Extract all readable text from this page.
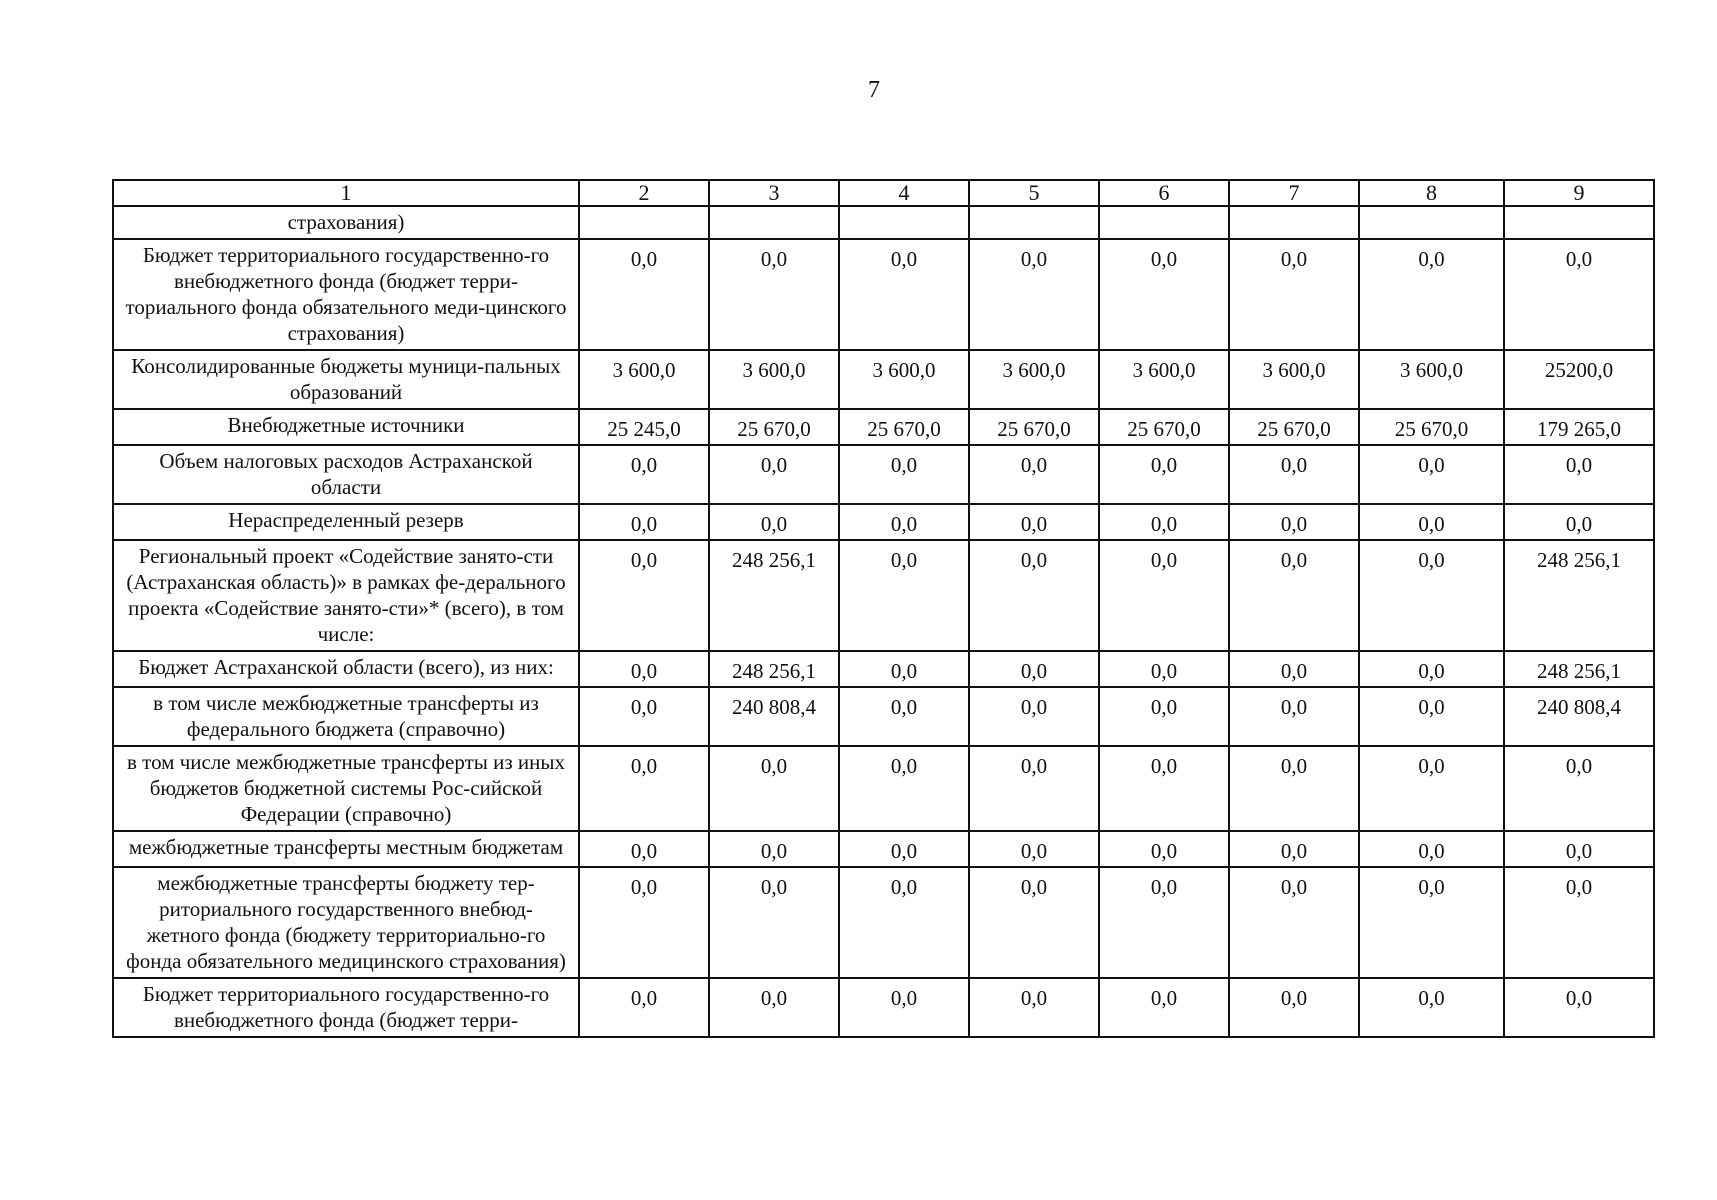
7
1	2	3	4	5	6	7	8	9
страхования)								
Бюджет территориального государственно-го внебюджетного фонда (бюджет терри-ториального фонда обязательного меди-цинского страхования)	0,0	0,0	0,0	0,0	0,0	0,0	0,0	0,0
Консолидированные бюджеты муници-пальных образований	3 600,0	3 600,0	3 600,0	3 600,0	3 600,0	3 600,0	3 600,0	25200,0
Внебюджетные источники	25 245,0	25 670,0	25 670,0	25 670,0	25 670,0	25 670,0	25 670,0	179 265,0
Объем налоговых расходов Астраханской области	0,0	0,0	0,0	0,0	0,0	0,0	0,0	0,0
Нераспределенный резерв	0,0	0,0	0,0	0,0	0,0	0,0	0,0	0,0
Региональный проект «Содействие занято-сти (Астраханская область)» в рамках фе-дерального проекта «Содействие занято-сти»* (всего), в том числе:	0,0	248 256,1	0,0	0,0	0,0	0,0	0,0	248 256,1
Бюджет Астраханской области (всего), из них:	0,0	248 256,1	0,0	0,0	0,0	0,0	0,0	248 256,1
в том числе межбюджетные трансферты из федерального бюджета (справочно)	0,0	240 808,4	0,0	0,0	0,0	0,0	0,0	240 808,4
в том числе межбюджетные трансферты из иных бюджетов бюджетной системы Рос-сийской Федерации (справочно)	0,0	0,0	0,0	0,0	0,0	0,0	0,0	0,0
межбюджетные трансферты местным бюджетам	0,0	0,0	0,0	0,0	0,0	0,0	0,0	0,0
межбюджетные трансферты бюджету тер-риториального государственного внебюд-жетного фонда (бюджету территориально-го фонда обязательного медицинского страхования)	0,0	0,0	0,0	0,0	0,0	0,0	0,0	0,0
Бюджет территориального государственно-го внебюджетного фонда (бюджет терри-	0,0	0,0	0,0	0,0	0,0	0,0	0,0	0,0
